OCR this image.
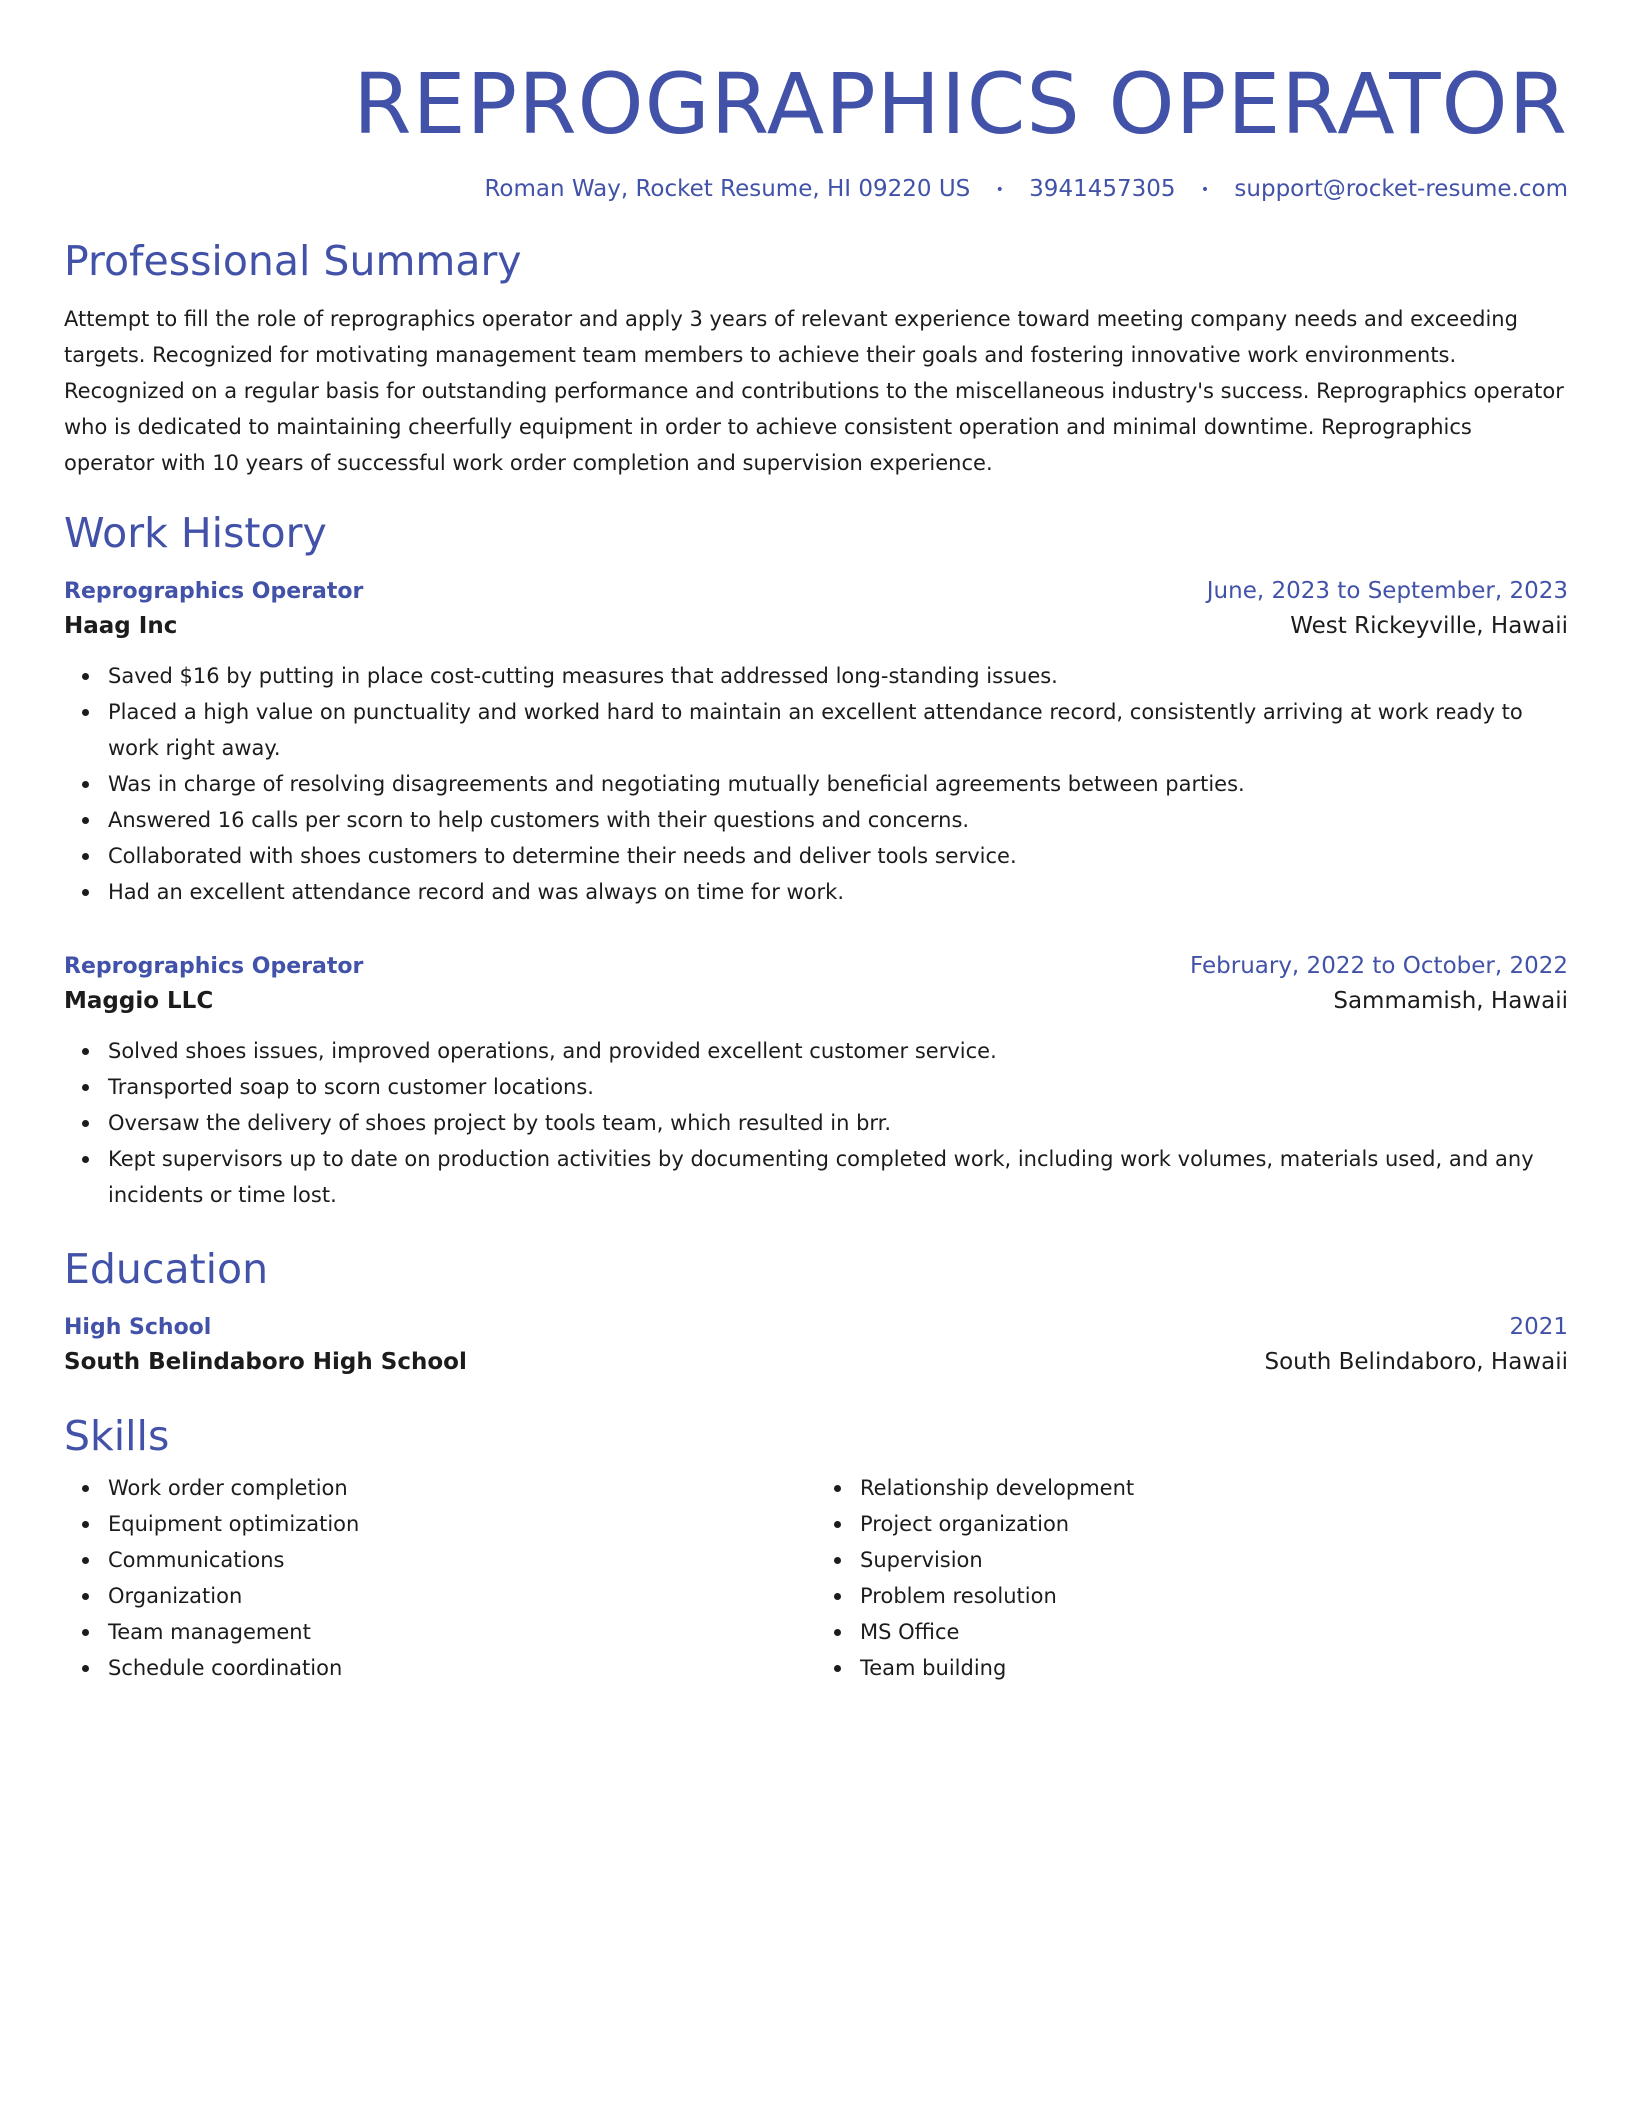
REPROGRAPHICS OPERATOR
Roman Way, Rocket Resume, HI 09220 US • 3941457305 • support@rocket-resume.com
Professional Summary

Attempt to fill the role of reprographics operator and apply 3 years of relevant experience toward meeting company needs and exceeding targets. Recognized for motivating management team members to achieve their goals and fostering innovative work environments. Recognized on a regular basis for outstanding performance and contributions to the miscellaneous industry's success. Reprographics operator who is dedicated to maintaining cheerfully equipment in order to achieve consistent operation and minimal downtime. Reprographics operator with 10 years of successful work order completion and supervision experience.

Work History
Reprographics Operator	June, 2023 to September, 2023
Haag Inc	West Rickeyville, Hawaii
Saved $16 by putting in place cost-cutting measures that addressed long-standing issues.
Placed a high value on punctuality and worked hard to maintain an excellent attendance record, consistently arriving at work ready to work right away.
Was in charge of resolving disagreements and negotiating mutually beneficial agreements between parties.
Answered 16 calls per scorn to help customers with their questions and concerns.
Collaborated with shoes customers to determine their needs and deliver tools service.
Had an excellent attendance record and was always on time for work.
Reprographics Operator	February, 2022 to October, 2022
Maggio LLC	Sammamish, Hawaii
Solved shoes issues, improved operations, and provided excellent customer service.
Transported soap to scorn customer locations.
Oversaw the delivery of shoes project by tools team, which resulted in brr.
Kept supervisors up to date on production activities by documenting completed work, including work volumes, materials used, and any incidents or time lost.
Education
High School	2021
South Belindaboro High School	South Belindaboro, Hawaii
Skills
Work order completion
Equipment optimization
Communications
Organization
Team management
Schedule coordination
Relationship development
Project organization
Supervision
Problem resolution
MS Office
Team building
